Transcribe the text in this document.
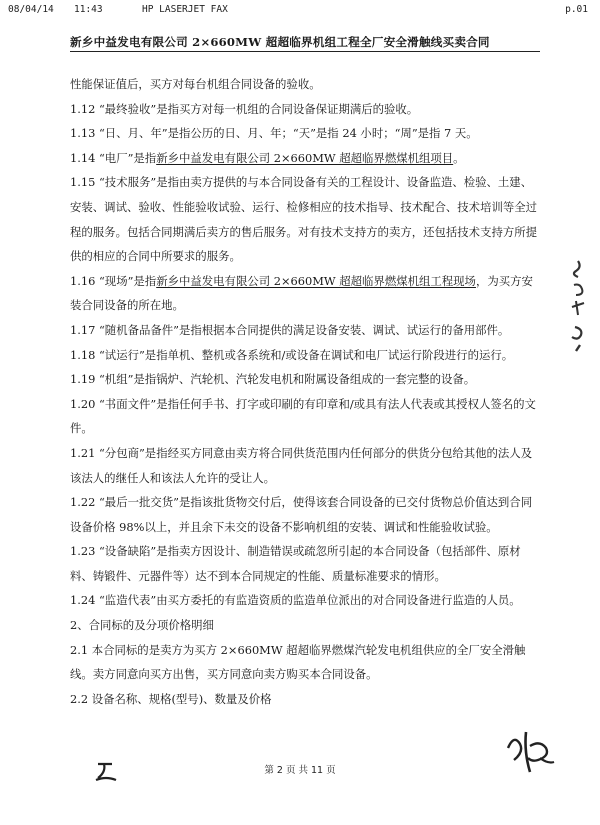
08/04/14 11:43	HP LASERJET FAX	p.01
新乡中益发电有限公司 2×660MW 超超临界机组工程全厂安全滑触线买卖合同

性能保证值后，买方对每台机组合同设备的验收。

1.12 “最终验收”是指买方对每一机组的合同设备保证期满后的验收。

1.13 “日、月、年”是指公历的日、月、年；“天”是指 24 小时；“周”是指 7 天。

1.14 “电厂”是指新乡中益发电有限公司 2×660MW 超超临界燃煤机组项目。

1.15 “技术服务”是指由卖方提供的与本合同设备有关的工程设计、设备监造、检验、土建、安装、调试、验收、性能验收试验、运行、检修相应的技术指导、技术配合、技术培训等全过程的服务。包括合同期满后卖方的售后服务。对有技术支持方的卖方，还包括技术支持方所提供的相应的合同中所要求的服务。

1.16 “现场”是指新乡中益发电有限公司 2×660MW 超超临界燃煤机组工程现场，为买方安装合同设备的所在地。

1.17 “随机备品备件”是指根据本合同提供的满足设备安装、调试、试运行的备用部件。

1.18 “试运行”是指单机、整机或各系统和/或设备在调试和电厂试运行阶段进行的运行。

1.19 “机组”是指锅炉、汽轮机、汽轮发电机和附属设备组成的一套完整的设备。

1.20 “书面文件”是指任何手书、打字或印刷的有印章和/或具有法人代表或其授权人签名的文件。

1.21 “分包商”是指经买方同意由卖方将合同供货范围内任何部分的供货分包给其他的法人及该法人的继任人和该法人允许的受让人。

1.22 “最后一批交货”是指该批货物交付后，使得该套合同设备的已交付货物总价值达到合同设备价格 98%以上，并且余下未交的设备不影响机组的安装、调试和性能验收试验。

1.23 “设备缺陷”是指卖方因设计、制造错误或疏忽所引起的本合同设备（包括部件、原材料、铸锻件、元器件等）达不到本合同规定的性能、质量标准要求的情形。

1.24 “监造代表”由买方委托的有监造资质的监造单位派出的对合同设备进行监造的人员。

2、合同标的及分项价格明细

2.1 本合同标的是卖方为买方 2×660MW 超超临界燃煤汽轮发电机组供应的全厂安全滑触线。卖方同意向买方出售，买方同意向卖方购买本合同设备。

2.2 设备名称、规格(型号)、数量及价格

第 2 页 共 11 页
